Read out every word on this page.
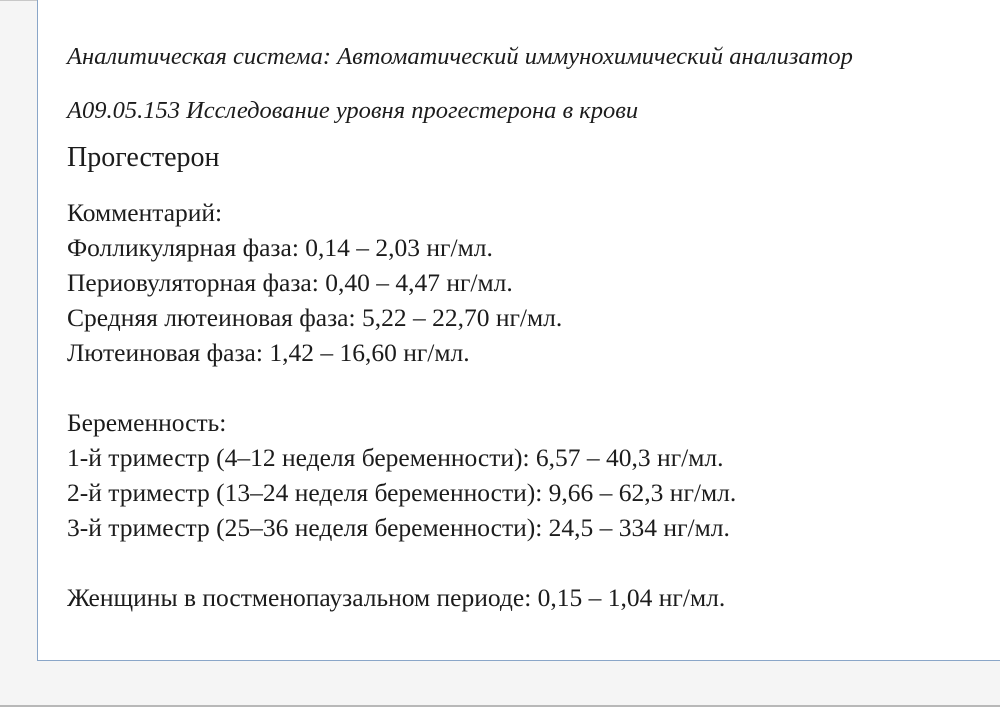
Аналитическая система: Автоматический иммунохимический анализатор

A09.05.153 Исследование уровня прогестерона в крови

Прогестерон

Комментарий:
Фолликулярная фаза: 0,14 – 2,03 нг/мл.
Периовуляторная фаза: 0,40 – 4,47 нг/мл.
Средняя лютеиновая фаза: 5,22 – 22,70 нг/мл.
Лютеиновая фаза: 1,42 – 16,60 нг/мл.

Беременность:
1-й триместр (4–12 неделя беременности): 6,57 – 40,3 нг/мл.
2-й триместр (13–24 неделя беременности): 9,66 – 62,3 нг/мл.
3-й триместр (25–36 неделя беременности): 24,5 – 334 нг/мл.

Женщины в постменопаузальном периоде: 0,15 – 1,04 нг/мл.
